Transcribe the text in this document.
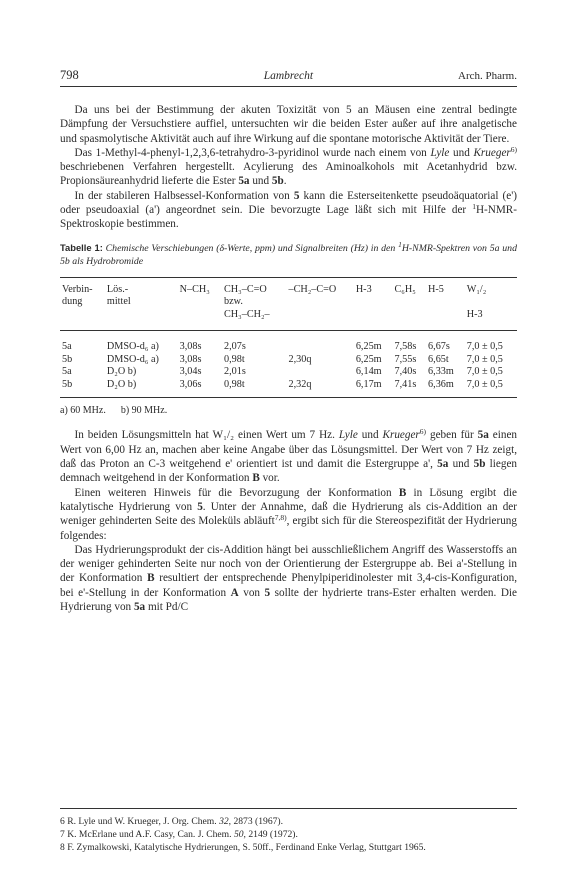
798	Lambrecht	Arch. Pharm.

Da uns bei der Bestimmung der akuten Toxizität von 5 an Mäusen eine zentral bedingte Dämpfung der Versuchstiere auffiel, untersuchten wir die beiden Ester außer auf ihre analgetische und spasmolytische Aktivität auch auf ihre Wirkung auf die spontane motorische Aktivität der Tiere.

Das 1-Methyl-4-phenyl-1,2,3,6-tetrahydro-3-pyridinol wurde nach einem von Lyle und Krueger$^{6)}$ beschriebenen Verfahren hergestellt. Acylierung des Aminoalkohols mit Acetanhydrid bzw. Propionsäureanhydrid lieferte die Ester 5a und 5b.

In der stabileren Halbsessel-Konformation von 5 kann die Esterseitenkette pseudoäquatorial (e') oder pseudoaxial (a') angeordnet sein. Die bevorzugte Lage läßt sich mit Hilfe der $^1$H-NMR-Spektroskopie bestimmen.

Tabelle 1: Chemische Verschiebungen (δ-Werte, ppm) und Signalbreiten (Hz) in den $^1$H-NMR-Spektren von 5a und 5b als Hydrobromide
Verbin-	Lös.-	N–CH₃	CH₃–C=O	–CH₂–C=O	H-3	C₆H₅	H-5	W₁/₂
dung	mittel		bzw.					
			CH₃–CH₂–					H-3

5a	DMSO-d₆ a)	3,08s	2,07s		6,25m	7,58s	6,67s	7,0 ± 0,5
5b	DMSO-d₆ a)	3,08s	0,98t	2,30q	6,25m	7,55s	6,65t	7,0 ± 0,5
5a	D₂O b)	3,04s	2,01s		6,14m	7,40s	6,33m	7,0 ± 0,5
5b	D₂O b)	3,06s	0,98t	2,32q	6,17m	7,41s	6,36m	7,0 ± 0,5
a) 60 MHz.      b) 90 MHz.

In beiden Lösungsmitteln hat W₁/₂ einen Wert um 7 Hz. Lyle und Krueger$^{6)}$ geben für 5a einen Wert von 6,00 Hz an, machen aber keine Angabe über das Lösungsmittel. Der Wert von 7 Hz zeigt, daß das Proton an C-3 weitgehend e' orientiert ist und damit die Estergruppe a', 5a und 5b liegen demnach weitgehend in der Konformation B vor.

Einen weiteren Hinweis für die Bevorzugung der Konformation B in Lösung ergibt die katalytische Hydrierung von 5. Unter der Annahme, daß die Hydrierung als cis-Addition an der weniger gehinderten Seite des Moleküls abläuft$^{7,8)}$, ergibt sich für die Stereospezifität der Hydrierung folgendes:

Das Hydrierungsprodukt der cis-Addition hängt bei ausschließlichem Angriff des Wasserstoffs an der weniger gehinderten Seite nur noch von der Orientierung der Estergruppe ab. Bei a'-Stellung in der Konformation B resultiert der entsprechende Phenylpiperidinolester mit 3,4-cis-Konfiguration, bei e'-Stellung in der Konformation A von 5 sollte der hydrierte trans-Ester erhalten werden. Die Hydrierung von 5a mit Pd/C

6 R. Lyle und W. Krueger, J. Org. Chem. 32, 2873 (1967).
7 K. McErlane und A.F. Casy, Can. J. Chem. 50, 2149 (1972).
8 F. Zymalkowski, Katalytische Hydrierungen, S. 50ff., Ferdinand Enke Verlag, Stuttgart 1965.
